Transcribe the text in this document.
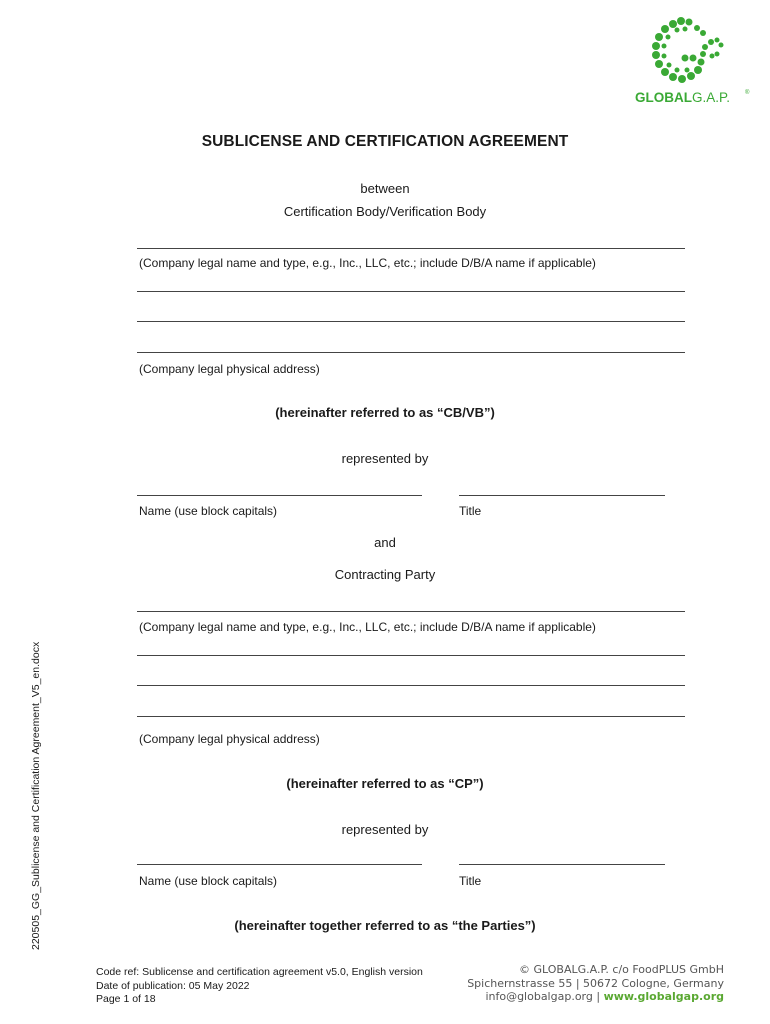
GLOBALG.A.P. ®
SUBLICENSE AND CERTIFICATION AGREEMENT
between
Certification Body/Verification Body
(Company legal name and type, e.g., Inc., LLC, etc.; include D/B/A name if applicable)
(Company legal physical address)
(hereinafter referred to as “CB/VB”)
represented by
Name (use block capitals)	Title
and
Contracting Party
(Company legal name and type, e.g., Inc., LLC, etc.; include D/B/A name if applicable)
(Company legal physical address)
(hereinafter referred to as “CP”)
represented by
Name (use block capitals)	Title
(hereinafter together referred to as “the Parties”)
220505_GG_Sublicense and Certification Agreement_V5_en.docx
Code ref: Sublicense and certification agreement v5.0, English version
Date of publication: 05 May 2022
Page 1 of 18
© GLOBALG.A.P. c/o FoodPLUS GmbH
Spichernstrasse 55 | 50672 Cologne, Germany
info@globalgap.org | www.globalgap.org
